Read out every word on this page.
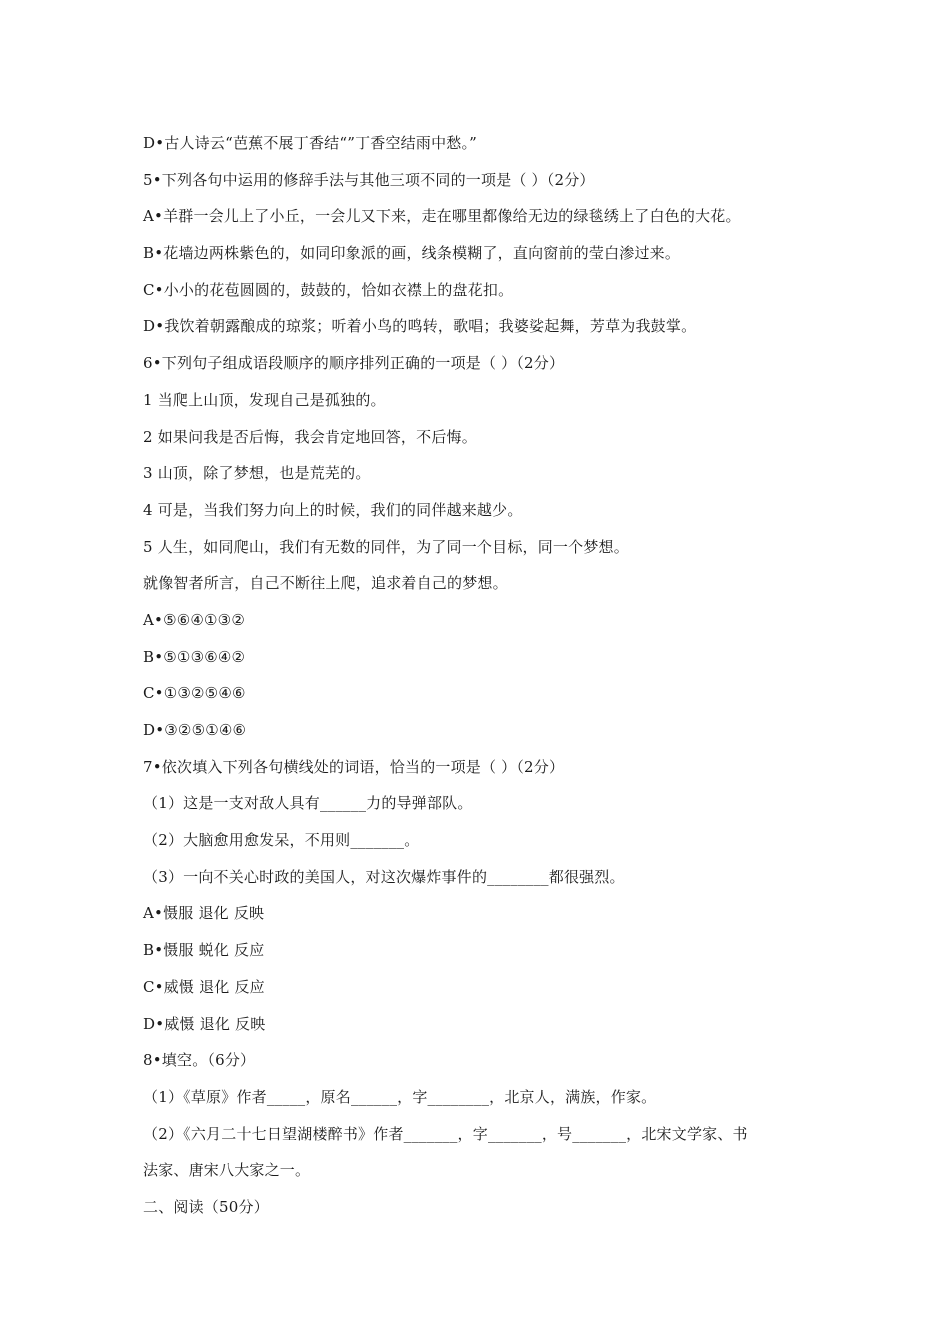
D•古人诗云“芭蕉不展丁香结“”丁香空结雨中愁。”
5•下列各句中运用的修辞手法与其他三项不同的一项是（ ）（2分）
A•羊群一会儿上了小丘，一会儿又下来，走在哪里都像给无边的绿毯绣上了白色的大花。
B•花墙边两株紫色的，如同印象派的画，线条模糊了，直向窗前的莹白渗过来。
C•小小的花苞圆圆的，鼓鼓的，恰如衣襟上的盘花扣。
D•我饮着朝露酿成的琼浆；听着小鸟的鸣转，歌唱；我婆娑起舞，芳草为我鼓掌。
6•下列句子组成语段顺序的顺序排列正确的一项是（ ）（2分）
1 当爬上山顶，发现自己是孤独的。
2 如果问我是否后悔，我会肯定地回答，不后悔。
3 山顶，除了梦想，也是荒芜的。
4 可是，当我们努力向上的时候，我们的同伴越来越少。
5 人生，如同爬山，我们有无数的同伴，为了同一个目标，同一个梦想。
就像智者所言，自己不断往上爬，追求着自己的梦想。
A•⑤⑥④①③②
B•⑤①③⑥④②
C•①③②⑤④⑥
D•③②⑤①④⑥
7•依次填入下列各句横线处的词语，恰当的一项是（ ）（2分）
（1）这是一支对敌人具有______力的导弹部队。
（2）大脑愈用愈发呆，不用则_______。
（3）一向不关心时政的美国人，对这次爆炸事件的________都很强烈。
A•慑服 退化 反映
B•慑服 蜕化 反应
C•威慑 退化 反应
D•威慑 退化 反映
8•填空。（6分）
（1）《草原》作者_____，原名______，字________，北京人，满族，作家。
（2）《六月二十七日望湖楼醉书》作者_______，字_______，号_______，北宋文学家、书
法家、唐宋八大家之一。
二、阅读（50分）
